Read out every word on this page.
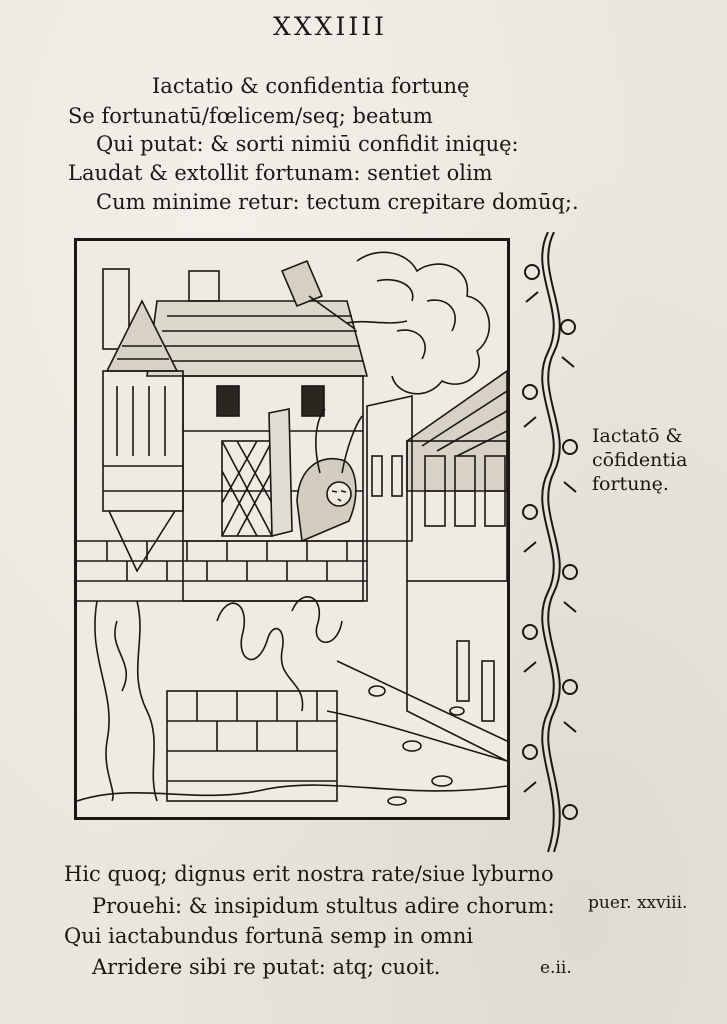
XXXIIII
Iactatio & confidentia fortunę
Se fortunatū/fœlicem/seq; beatum
Qui putat: & sorti nimiū confidit iniquę:
Laudat & extollit fortunam: sentiet olim
Cum minime retur: tectum crepitare domūq;.
Iactatō &
cōfidentia
fortunę.
Hic quoq; dignus erit nostra rate/siue lyburno
Prouehi: & insipidum stultus adire chorum:
Qui iactabundus fortunā semp in omni
Arridere sibi re putat: atq; cuoit.
puer. xxviii.
e.ii.
